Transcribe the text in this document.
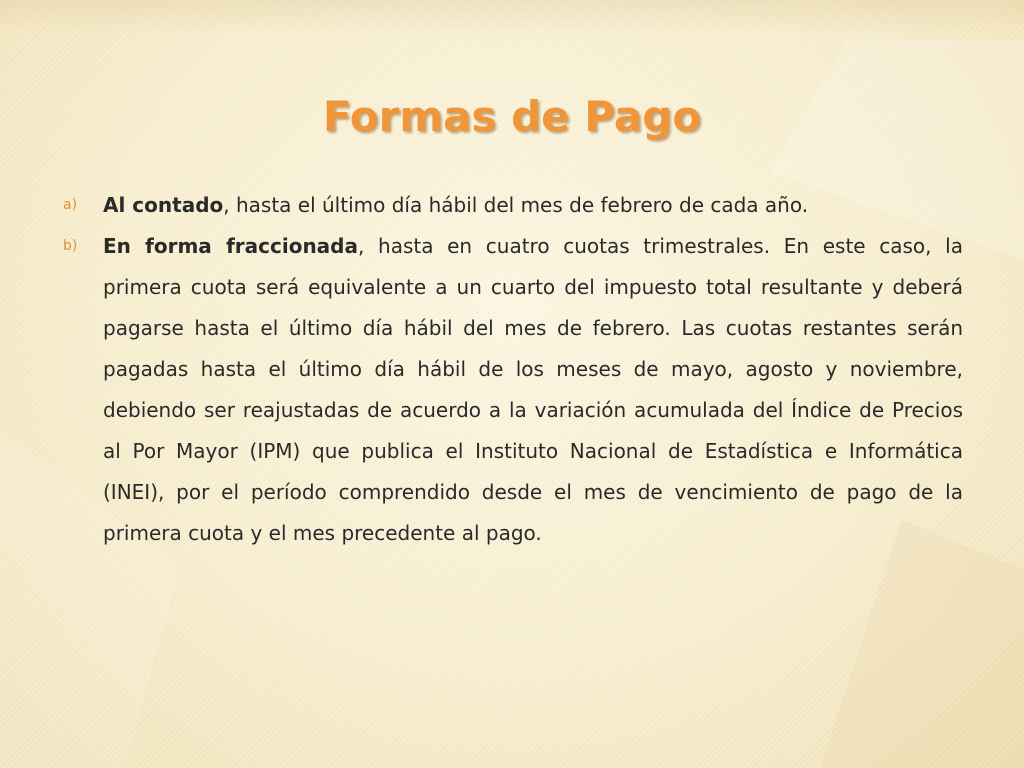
Formas de Pago
a) Al contado, hasta el último día hábil del mes de febrero de cada año.
b) En forma fraccionada, hasta en cuatro cuotas trimestrales. En este caso, la primera cuota será equivalente a un cuarto del impuesto total resultante y deberá pagarse hasta el último día hábil del mes de febrero. Las cuotas restantes serán pagadas hasta el último día hábil de los meses de mayo, agosto y noviembre, debiendo ser reajustadas de acuerdo a la variación acumulada del Índice de Precios al Por Mayor (IPM) que publica el Instituto Nacional de Estadística e Informática (INEI), por el período comprendido desde el mes de vencimiento de pago de la primera cuota y el mes precedente al pago.
